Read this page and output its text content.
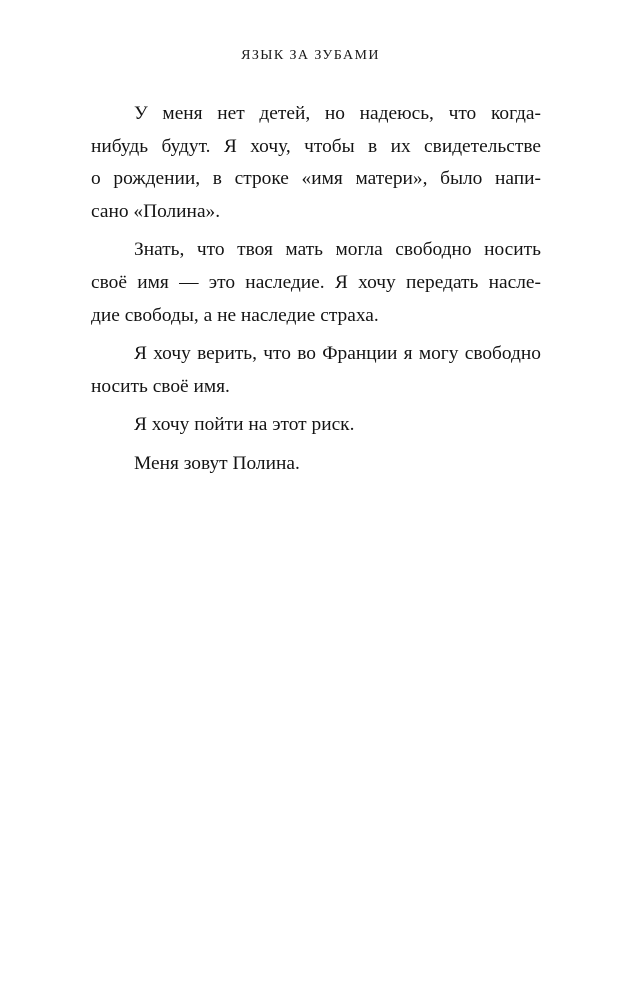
ЯЗЫК ЗА ЗУБАМИ

У меня нет детей, но надеюсь, что когда-
нибудь будут. Я хочу, чтобы в их свидетельстве
о рождении, в строке «имя матери», было напи-
сано «Полина».

Знать, что твоя мать могла свободно носить
своё имя — это наследие. Я хочу передать насле-
дие свободы, а не наследие страха.

Я хочу верить, что во Франции я могу свободно
носить своё имя.

Я хочу пойти на этот риск.

Меня зовут Полина.
